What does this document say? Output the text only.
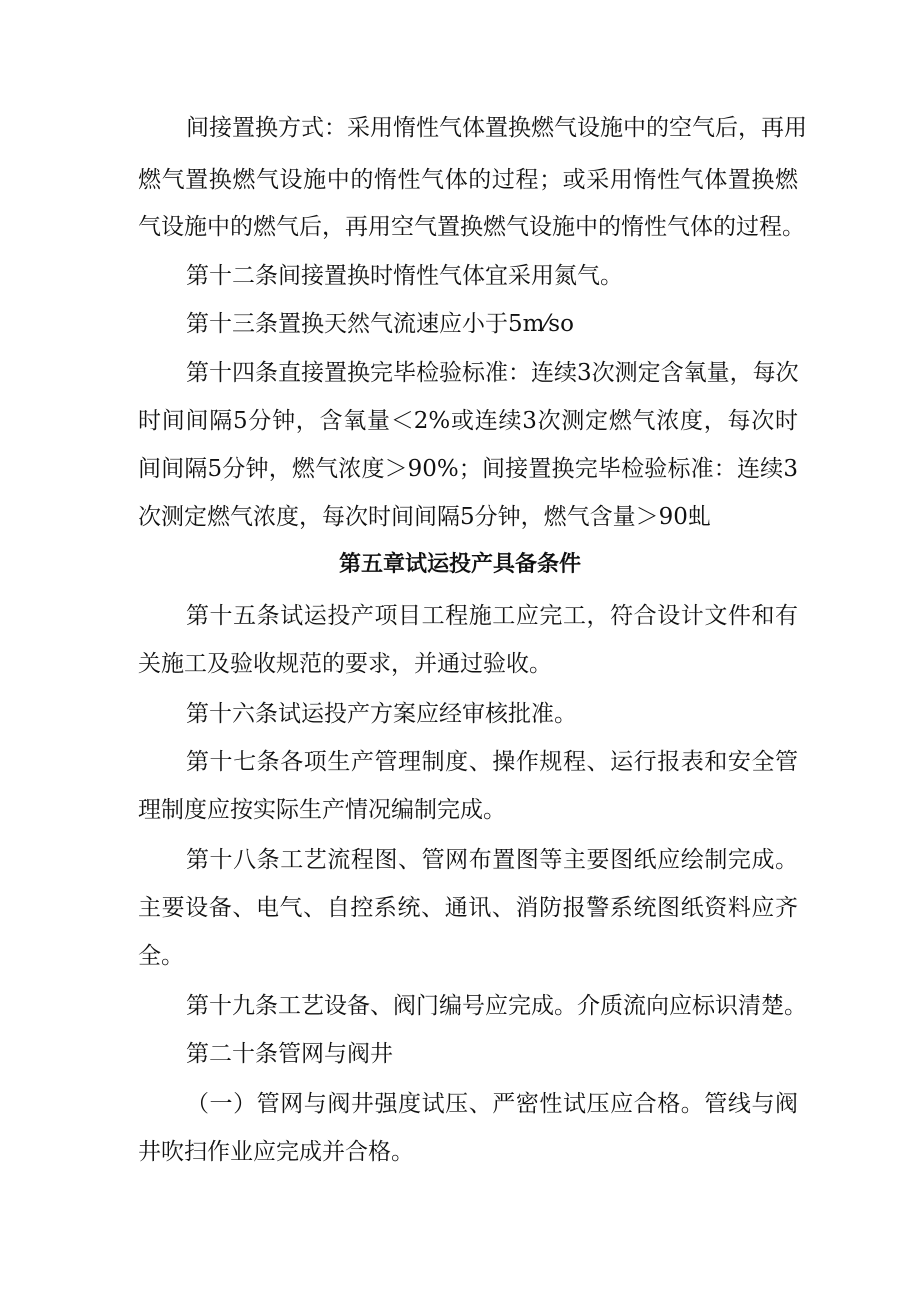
间接置换方式：采用惰性气体置换燃气设施中的空气后，再用
燃气置换燃气设施中的惰性气体的过程；或采用惰性气体置换燃
气设施中的燃气后，再用空气置换燃气设施中的惰性气体的过程。
第十二条间接置换时惰性气体宜采用氮气。
第十三条置换天然气流速应小于5m⁄so
第十四条直接置换完毕检验标准：连续3次测定含氧量，每次
时间间隔5分钟，含氧量＜2%或连续3次测定燃气浓度，每次时
间间隔5分钟，燃气浓度＞90%；间接置换完毕检验标准：连续3
次测定燃气浓度，每次时间间隔5分钟，燃气含量＞90虬
第五章试运投产具备条件
第十五条试运投产项目工程施工应完工，符合设计文件和有
关施工及验收规范的要求，并通过验收。
第十六条试运投产方案应经审核批准。
第十七条各项生产管理制度、操作规程、运行报表和安全管
理制度应按实际生产情况编制完成。
第十八条工艺流程图、管网布置图等主要图纸应绘制完成。
主要设备、电气、自控系统、通讯、消防报警系统图纸资料应齐
全。
第十九条工艺设备、阀门编号应完成。介质流向应标识清楚。
第二十条管网与阀井
（一）管网与阀井强度试压、严密性试压应合格。管线与阀
井吹扫作业应完成并合格。
